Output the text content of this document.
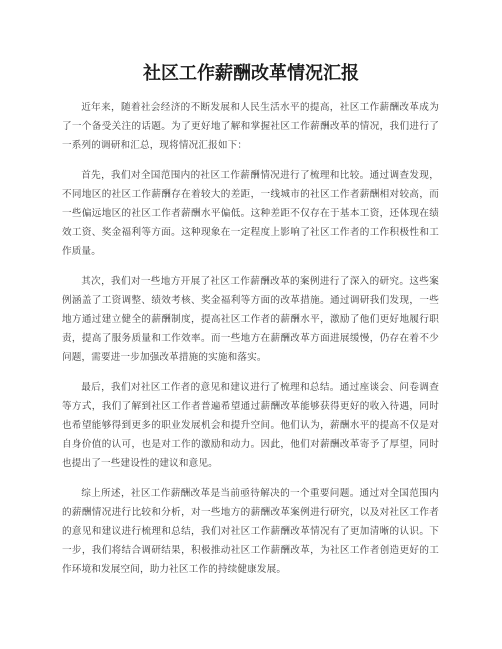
社区工作薪酬改革情况汇报

近年来，随着社会经济的不断发展和人民生活水平的提高，社区工作薪酬改革成为了一个备受关注的话题。为了更好地了解和掌握社区工作薪酬改革的情况，我们进行了一系列的调研和汇总，现将情况汇报如下：

首先，我们对全国范围内的社区工作薪酬情况进行了梳理和比较。通过调查发现，不同地区的社区工作薪酬存在着较大的差距，一线城市的社区工作者薪酬相对较高，而一些偏远地区的社区工作者薪酬水平偏低。这种差距不仅存在于基本工资，还体现在绩效工资、奖金福利等方面。这种现象在一定程度上影响了社区工作者的工作积极性和工作质量。

其次，我们对一些地方开展了社区工作薪酬改革的案例进行了深入的研究。这些案例涵盖了工资调整、绩效考核、奖金福利等方面的改革措施。通过调研我们发现，一些地方通过建立健全的薪酬制度，提高社区工作者的薪酬水平，激励了他们更好地履行职责，提高了服务质量和工作效率。而一些地方在薪酬改革方面进展缓慢，仍存在着不少问题，需要进一步加强改革措施的实施和落实。

最后，我们对社区工作者的意见和建议进行了梳理和总结。通过座谈会、问卷调查等方式，我们了解到社区工作者普遍希望通过薪酬改革能够获得更好的收入待遇，同时也希望能够得到更多的职业发展机会和提升空间。他们认为，薪酬水平的提高不仅是对自身价值的认可，也是对工作的激励和动力。因此，他们对薪酬改革寄予了厚望，同时也提出了一些建设性的建议和意见。

综上所述，社区工作薪酬改革是当前亟待解决的一个重要问题。通过对全国范围内的薪酬情况进行比较和分析，对一些地方的薪酬改革案例进行研究，以及对社区工作者的意见和建议进行梳理和总结，我们对社区工作薪酬改革情况有了更加清晰的认识。下一步，我们将结合调研结果，积极推动社区工作薪酬改革，为社区工作者创造更好的工作环境和发展空间，助力社区工作的持续健康发展。
